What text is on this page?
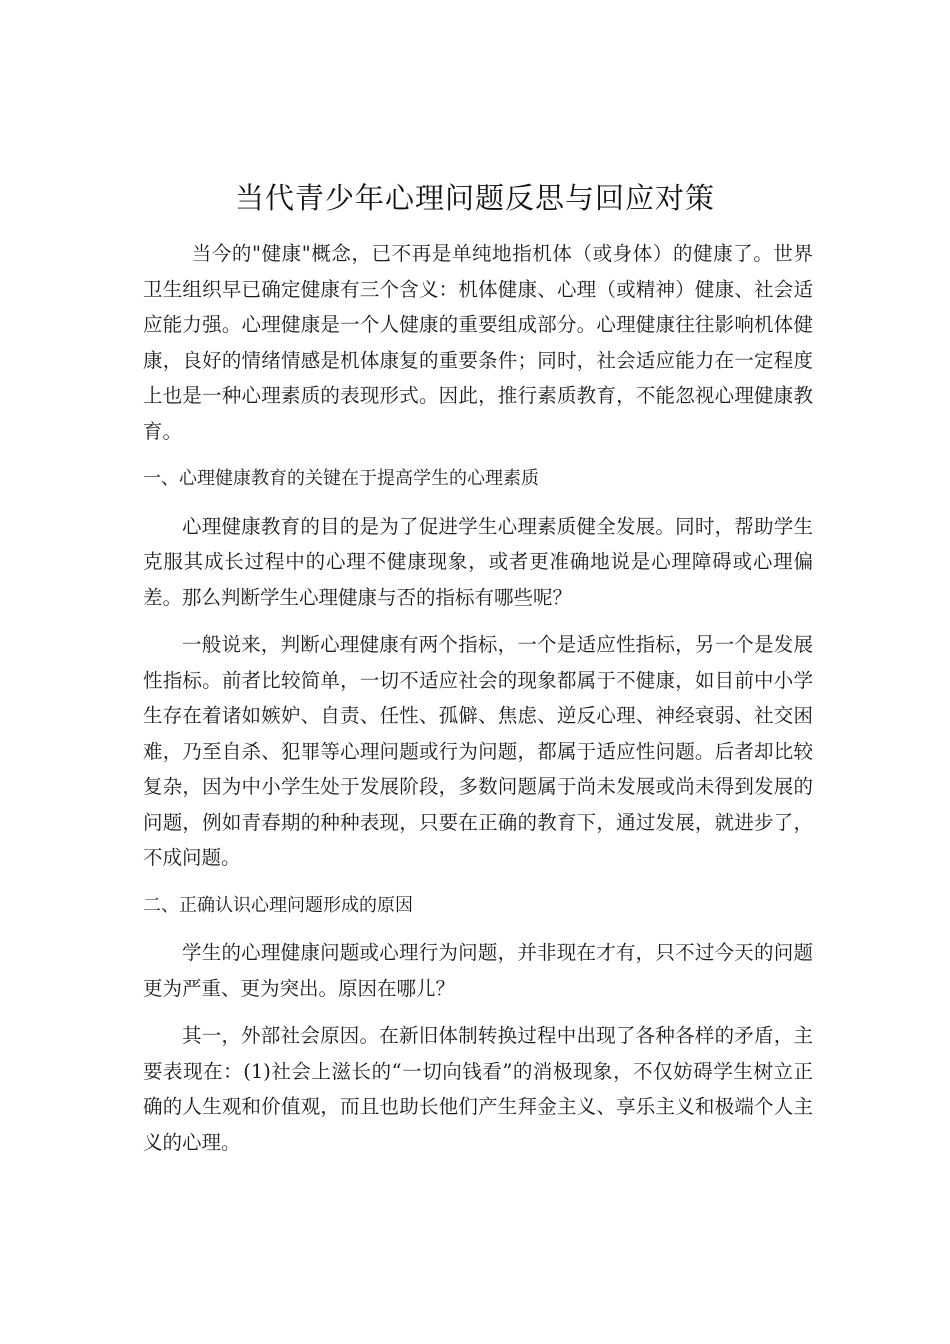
当代青少年心理问题反思与回应对策

当今的"健康"概念，已不再是单纯地指机体（或身体）的健康了。世界卫生组织早已确定健康有三个含义：机体健康、心理（或精神）健康、社会适应能力强。心理健康是一个人健康的重要组成部分。心理健康往往影响机体健康，良好的情绪情感是机体康复的重要条件；同时，社会适应能力在一定程度上也是一种心理素质的表现形式。因此，推行素质教育，不能忽视心理健康教育。

一、心理健康教育的关键在于提高学生的心理素质

心理健康教育的目的是为了促进学生心理素质健全发展。同时，帮助学生克服其成长过程中的心理不健康现象，或者更准确地说是心理障碍或心理偏差。那么判断学生心理健康与否的指标有哪些呢？

一般说来，判断心理健康有两个指标，一个是适应性指标，另一个是发展性指标。前者比较简单，一切不适应社会的现象都属于不健康，如目前中小学生存在着诸如嫉妒、自责、任性、孤僻、焦虑、逆反心理、神经衰弱、社交困难，乃至自杀、犯罪等心理问题或行为问题，都属于适应性问题。后者却比较复杂，因为中小学生处于发展阶段，多数问题属于尚未发展或尚未得到发展的问题，例如青春期的种种表现，只要在正确的教育下，通过发展，就进步了，不成问题。

二、正确认识心理问题形成的原因

学生的心理健康问题或心理行为问题，并非现在才有，只不过今天的问题更为严重、更为突出。原因在哪儿？

其一，外部社会原因。在新旧体制转换过程中出现了各种各样的矛盾，主要表现在：(1)社会上滋长的“一切向钱看”的消极现象，不仅妨碍学生树立正确的人生观和价值观，而且也助长他们产生拜金主义、享乐主义和极端个人主义的心理。
